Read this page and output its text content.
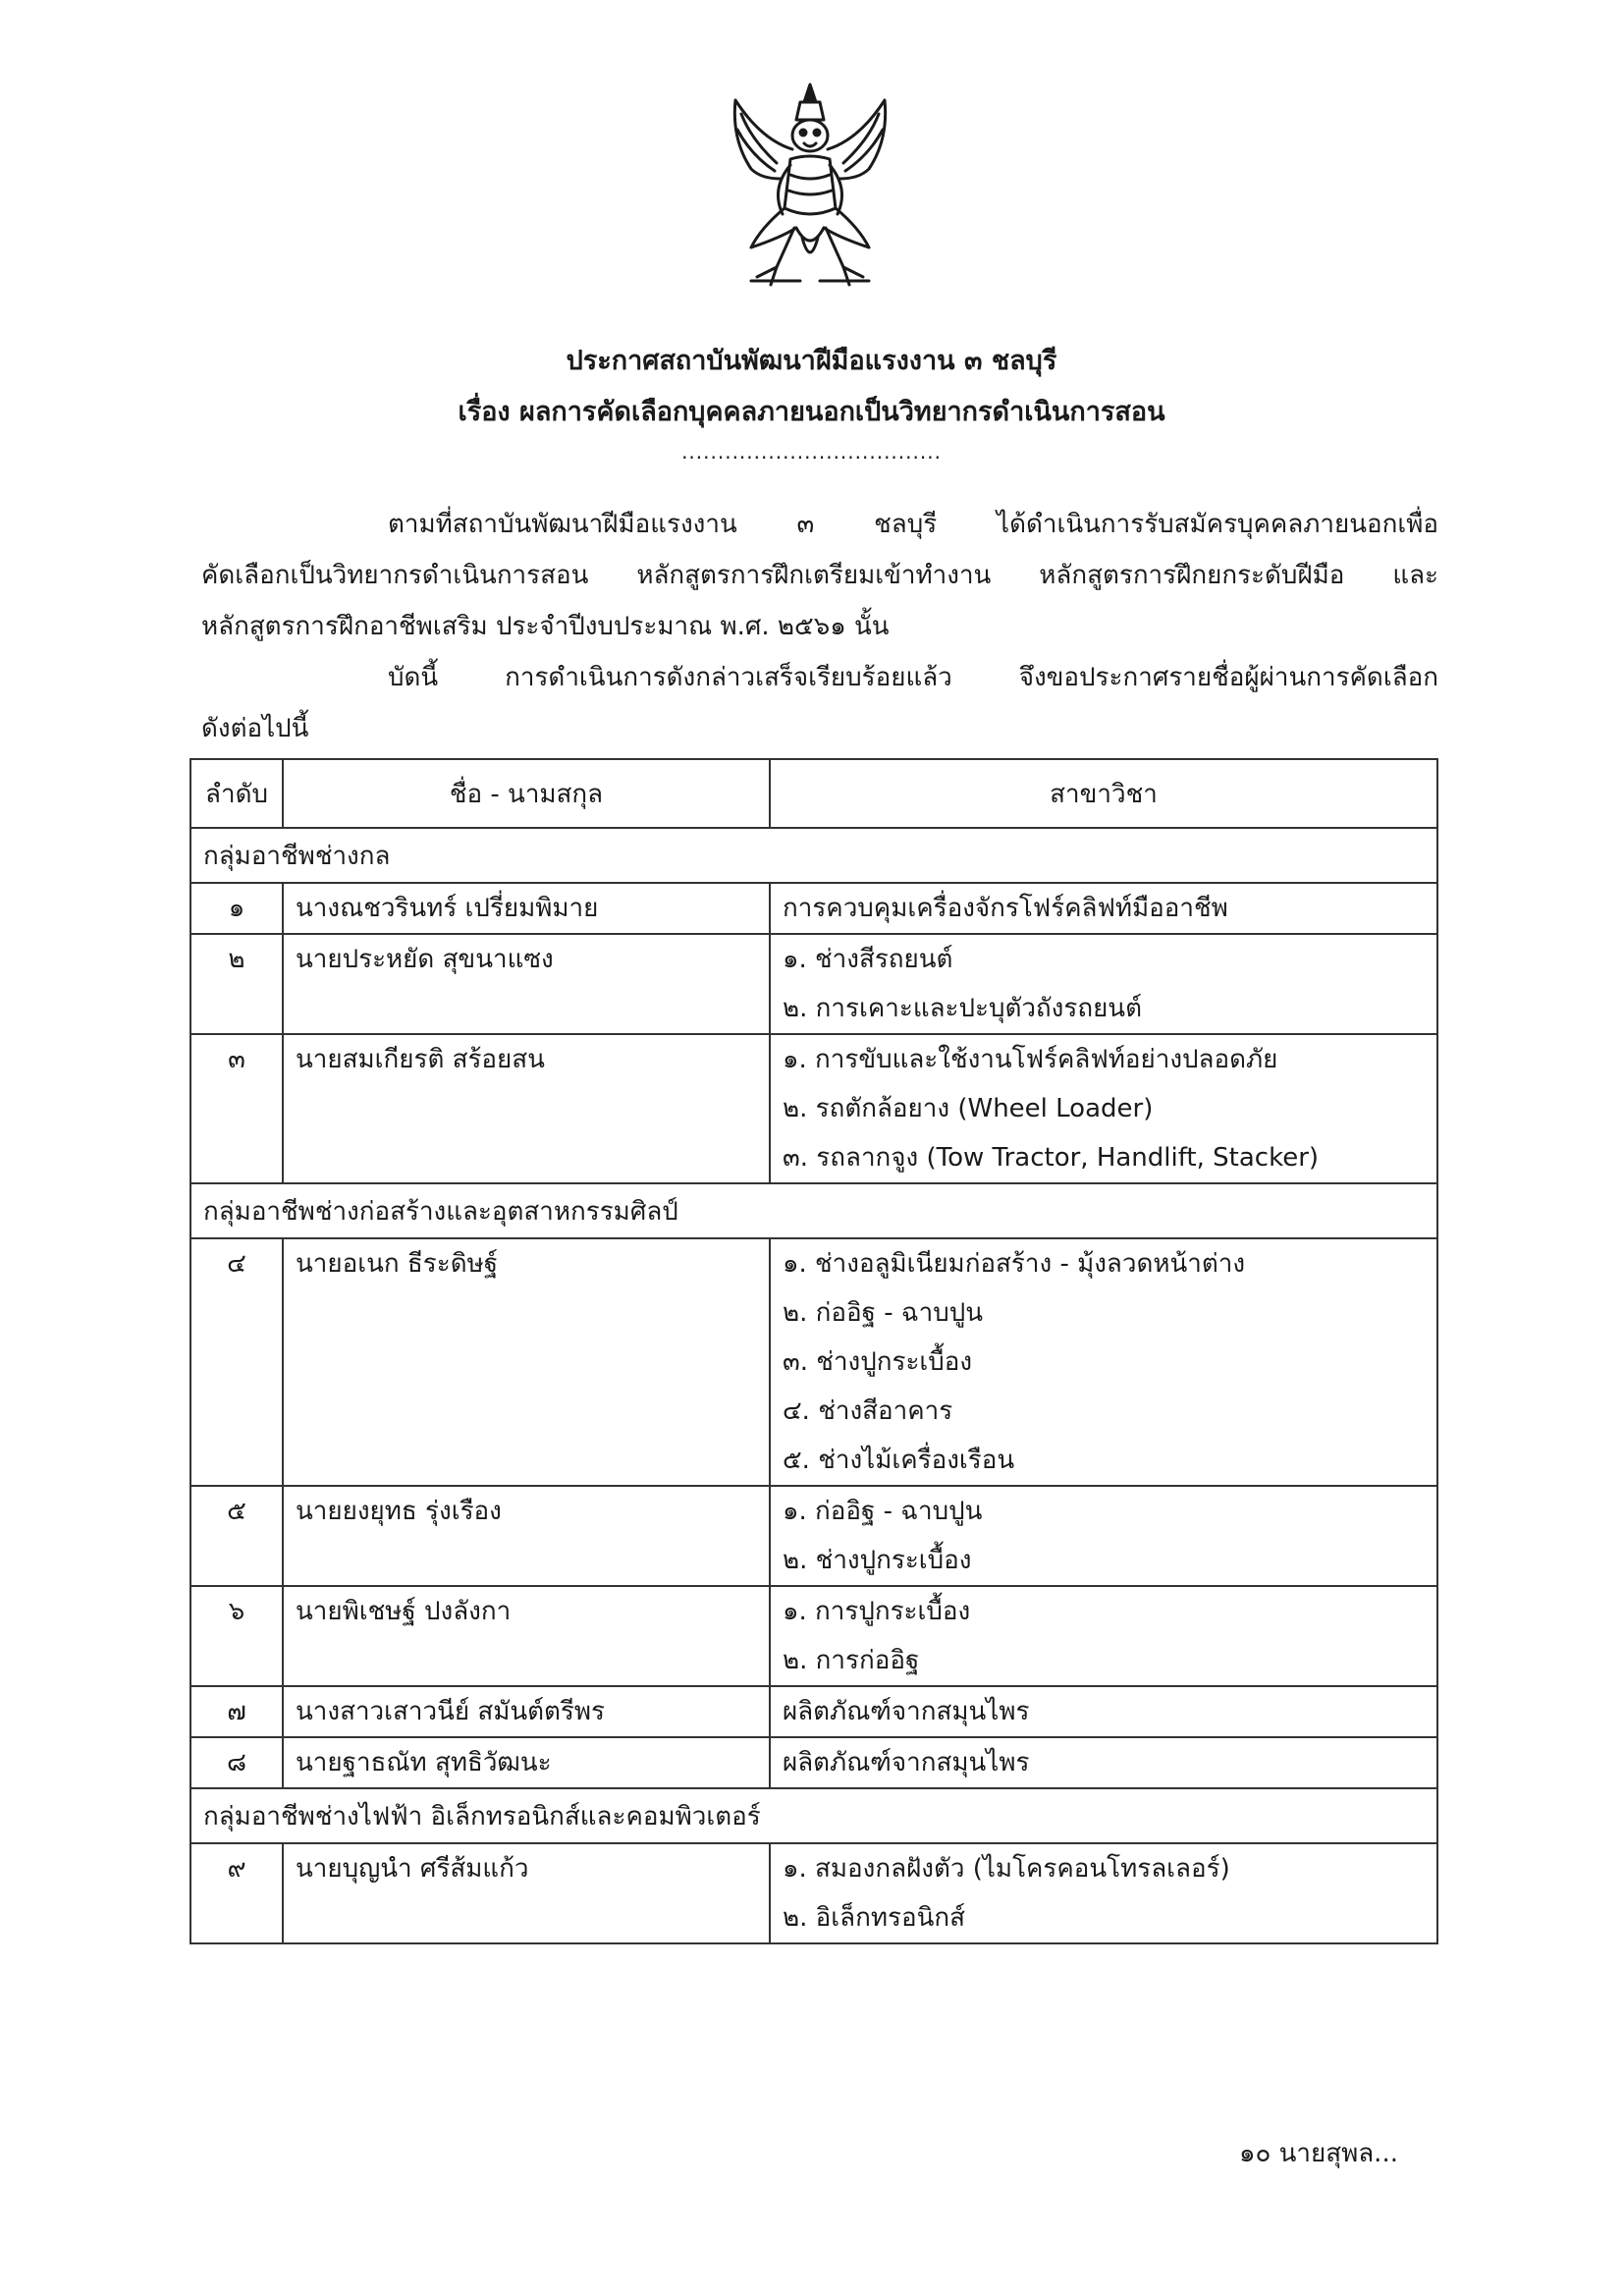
ประกาศสถาบันพัฒนาฝีมือแรงงาน ๓ ชลบุรี
เรื่อง ผลการคัดเลือกบุคคลภายนอกเป็นวิทยากรดำเนินการสอน
....................................
ตามที่สถาบันพัฒนาฝีมือแรงงาน ๓ ชลบุรี ได้ดำเนินการรับสมัครบุคคลภายนอกเพื่อ
คัดเลือกเป็นวิทยากรดำเนินการสอน หลักสูตรการฝึกเตรียมเข้าทำงาน หลักสูตรการฝึกยกระดับฝีมือ และ
หลักสูตรการฝึกอาชีพเสริม ประจำปีงบประมาณ พ.ศ. ๒๕๖๑ นั้น
บัดนี้ การดำเนินการดังกล่าวเสร็จเรียบร้อยแล้ว จึงขอประกาศรายชื่อผู้ผ่านการคัดเลือก
ดังต่อไปนี้
ลำดับ	ชื่อ - นามสกุล	สาขาวิชา
กลุ่มอาชีพช่างกล		

๑	นางณชวรินทร์ เปรี่ยมพิมาย	การควบคุมเครื่องจักรโฟร์คลิฟท์มืออาชีพ

๒	นายประหยัด สุขนาแซง	๑. ช่างสีรถยนต์
๒. การเคาะและปะบุตัวถังรถยนต์

๓	นายสมเกียรติ สร้อยสน	๑. การขับและใช้งานโฟร์คลิฟท์อย่างปลอดภัย
๒. รถตักล้อยาง (Wheel Loader)
๓. รถลากจูง (Tow Tractor, Handlift, Stacker)

กลุ่มอาชีพช่างก่อสร้างและอุตสาหกรรมศิลป์		

๔	นายอเนก ธีระดิษฐ์	๑. ช่างอลูมิเนียมก่อสร้าง - มุ้งลวดหน้าต่าง
๒. ก่ออิฐ - ฉาบปูน
๓. ช่างปูกระเบื้อง
๔. ช่างสีอาคาร
๕. ช่างไม้เครื่องเรือน

๕	นายยงยุทธ รุ่งเรือง	๑. ก่ออิฐ - ฉาบปูน
๒. ช่างปูกระเบื้อง

๖	นายพิเชษฐ์ ปงลังกา	๑. การปูกระเบื้อง
๒. การก่ออิฐ

๗	นางสาวเสาวนีย์ สมันต์ตรีพร	ผลิตภัณฑ์จากสมุนไพร

๘	นายฐาธณัท สุทธิวัฒนะ	ผลิตภัณฑ์จากสมุนไพร

กลุ่มอาชีพช่างไฟฟ้า อิเล็กทรอนิกส์และคอมพิวเตอร์		

๙	นายบุญนำ ศรีส้มแก้ว	๑. สมองกลฝังตัว (ไมโครคอนโทรลเลอร์)
๒. อิเล็กทรอนิกส์
๑๐ นายสุพล...
